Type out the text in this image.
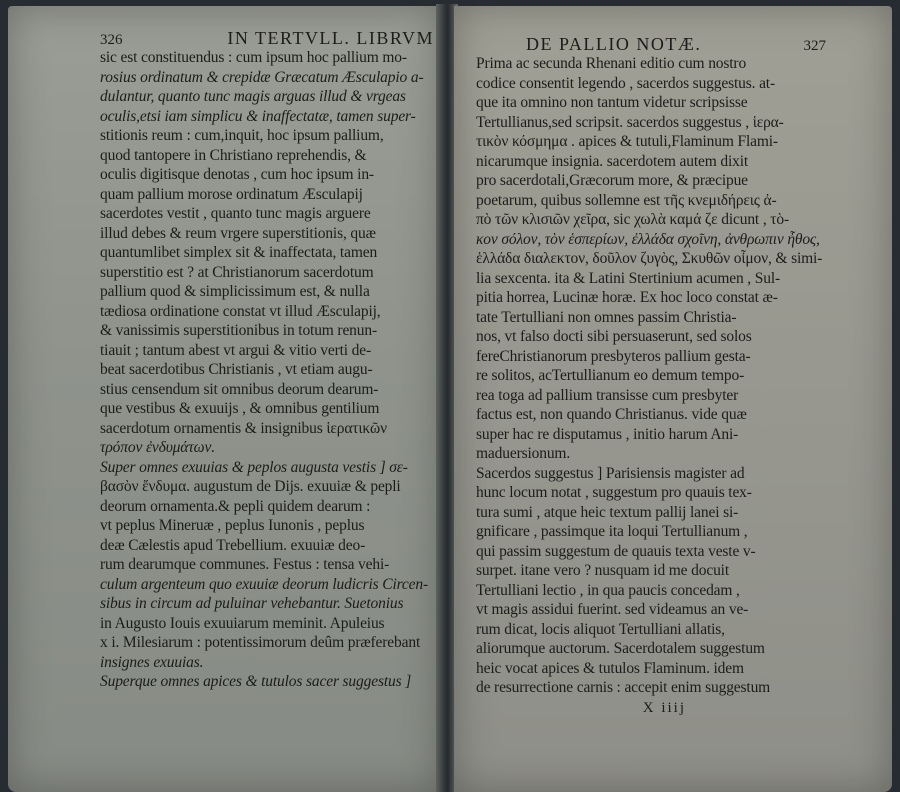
326	IN TERTVLL. LIBRVM
sic est constituendus : cum ipsum hoc pallium mo-
rosius ordinatum & crepidæ Græcatum Æsculapio a-
dulantur, quanto tunc magis arguas illud & vrgeas
oculis,etsi iam simplicu & inaffectatæ, tamen super-
stitionis reum : cum,inquit, hoc ipsum pallium,
quod tantopere in Christiano reprehendis, &
oculis digitisque denotas , cum hoc ipsum in-
quam pallium morose ordinatum Æsculapij
sacerdotes vestit , quanto tunc magis arguere
illud debes & reum vrgere superstitionis, quæ
quantumlibet simplex sit & inaffectata, tamen
superstitio est ? at Christianorum sacerdotum
pallium quod & simplicissimum est, & nulla
tædiosa ordinatione constat vt illud Æsculapij,
& vanissimis superstitionibus in totum renun-
tiauit ; tantum abest vt argui & vitio verti de-
beat sacerdotibus Christianis , vt etiam augu-
stius censendum sit omnibus deorum dearum-
que vestibus & exuuijs , & omnibus gentilium
sacerdotum ornamentis & insignibus ἱερατικῶν
τρόπον ἐνδυμάτων.
Super omnes exuuias & peplos augusta vestis ] σε-
βασὸν ἔνδυμα. augustum de Dijs. exuuiæ & pepli
deorum ornamenta.& pepli quidem dearum :
vt peplus Mineruæ , peplus Iunonis , peplus
deæ Cælestis apud Trebellium. exuuiæ deo-
rum dearumque communes. Festus : tensa vehi-
culum argenteum quo exuuiæ deorum ludicris Circen-
sibus in circum ad puluinar vehebantur. Suetonius
in Augusto Iouis exuuiarum meminit. Apuleius
x i. Milesiarum : potentissimorum deûm præferebant
insignes exuuias.
Superque omnes apices & tutulos sacer suggestus ]
DE PALLIO NOTÆ.	327
Prima ac secunda Rhenani editio cum nostro
codice consentit legendo , sacerdos suggestus. at-
que ita omnino non tantum videtur scripsisse
Tertullianus,sed scripsit. sacerdos suggestus , ἱερα-
τικὸν κόσμημα . apices & tutuli,Flaminum Flami-
nicarumque insignia. sacerdotem autem dixit
pro sacerdotali,Græcorum more, & præcipue
poetarum, quibus sollemne est τῆς κνεμιδήρεις ἀ-
πὸ τῶν κλισιῶν χεῖρα, sic χωλὰ καμά ζε dicunt , τὸ-
κον σόλον, τὸν ἑσπερίων, ἐλλάδα σχοῖνη, ἀνθρωπιν ἦθος,
ἑλλάδα διαλεκτον, δοῦλον ζυγὸς, Σκυθῶν οἶμον, & simi-
lia sexcenta. ita & Latini Stertinium acumen , Sul-
pitia horrea, Lucinæ horæ. Ex hoc loco constat æ-
tate Tertulliani non omnes passim Christia-
nos, vt falso docti sibi persuaserunt, sed solos
fereChristianorum presbyteros pallium gesta-
re solitos, acTertullianum eo demum tempo-
rea toga ad pallium transisse cum presbyter
factus est, non quando Christianus. vide quæ
super hac re disputamus , initio harum Ani-
maduersionum.
Sacerdos suggestus ] Parisiensis magister ad
hunc locum notat , suggestum pro quauis tex-
tura sumi , atque heic textum pallij lanei si-
gnificare , passimque ita loqui Tertullianum ,
qui passim suggestum de quauis texta veste v-
surpet. itane vero ? nusquam id me docuit
Tertulliani lectio , in qua paucis concedam ,
vt magis assidui fuerint. sed videamus an ve-
rum dicat, locis aliquot Tertulliani allatis,
aliorumque auctorum. Sacerdotalem suggestum
heic vocat apices & tutulos Flaminum. idem
de resurrectione carnis : accepit enim suggestum
X iiij
